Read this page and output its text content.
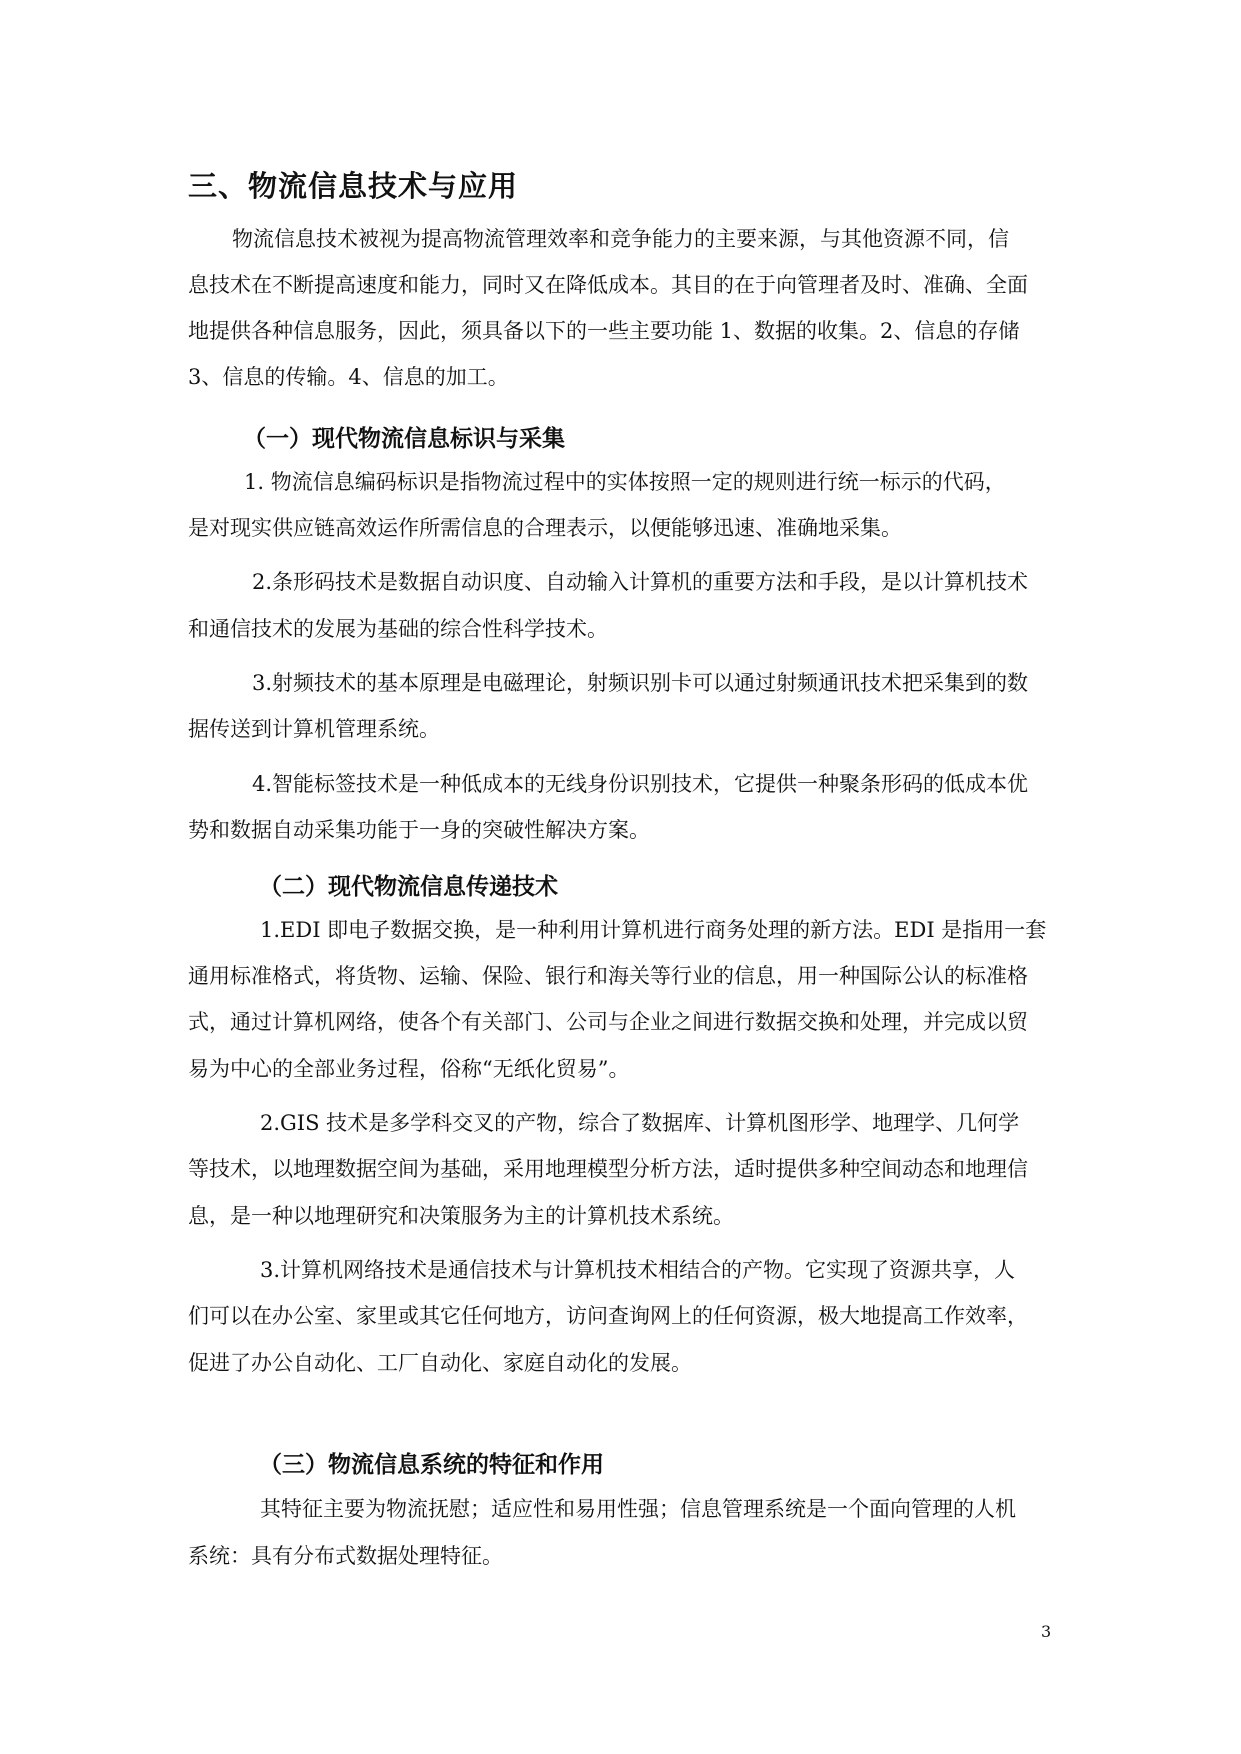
三、物流信息技术与应用
物流信息技术被视为提高物流管理效率和竞争能力的主要来源，与其他资源不同，信
息技术在不断提高速度和能力，同时又在降低成本。其目的在于向管理者及时、准确、全面
地提供各种信息服务，因此，须具备以下的一些主要功能 1、数据的收集。2、信息的存储
3、信息的传输。4、信息的加工。
（一）现代物流信息标识与采集
1. 物流信息编码标识是指物流过程中的实体按照一定的规则进行统一标示的代码，
是对现实供应链高效运作所需信息的合理表示，以便能够迅速、准确地采集。
2.条形码技术是数据自动识度、自动输入计算机的重要方法和手段，是以计算机技术
和通信技术的发展为基础的综合性科学技术。
3.射频技术的基本原理是电磁理论，射频识别卡可以通过射频通讯技术把采集到的数
据传送到计算机管理系统。
4.智能标签技术是一种低成本的无线身份识别技术，它提供一种聚条形码的低成本优
势和数据自动采集功能于一身的突破性解决方案。
（二）现代物流信息传递技术
1.EDI 即电子数据交换，是一种利用计算机进行商务处理的新方法。EDI 是指用一套
通用标准格式，将货物、运输、保险、银行和海关等行业的信息，用一种国际公认的标准格
式，通过计算机网络，使各个有关部门、公司与企业之间进行数据交换和处理，并完成以贸
易为中心的全部业务过程，俗称“无纸化贸易”。
2.GIS 技术是多学科交叉的产物，综合了数据库、计算机图形学、地理学、几何学
等技术，以地理数据空间为基础，采用地理模型分析方法，适时提供多种空间动态和地理信
息，是一种以地理研究和决策服务为主的计算机技术系统。
3.计算机网络技术是通信技术与计算机技术相结合的产物。它实现了资源共享，人
们可以在办公室、家里或其它任何地方，访问查询网上的任何资源，极大地提高工作效率，
促进了办公自动化、工厂自动化、家庭自动化的发展。
（三）物流信息系统的特征和作用
其特征主要为物流抚慰；适应性和易用性强；信息管理系统是一个面向管理的人机
系统：具有分布式数据处理特征。
3
